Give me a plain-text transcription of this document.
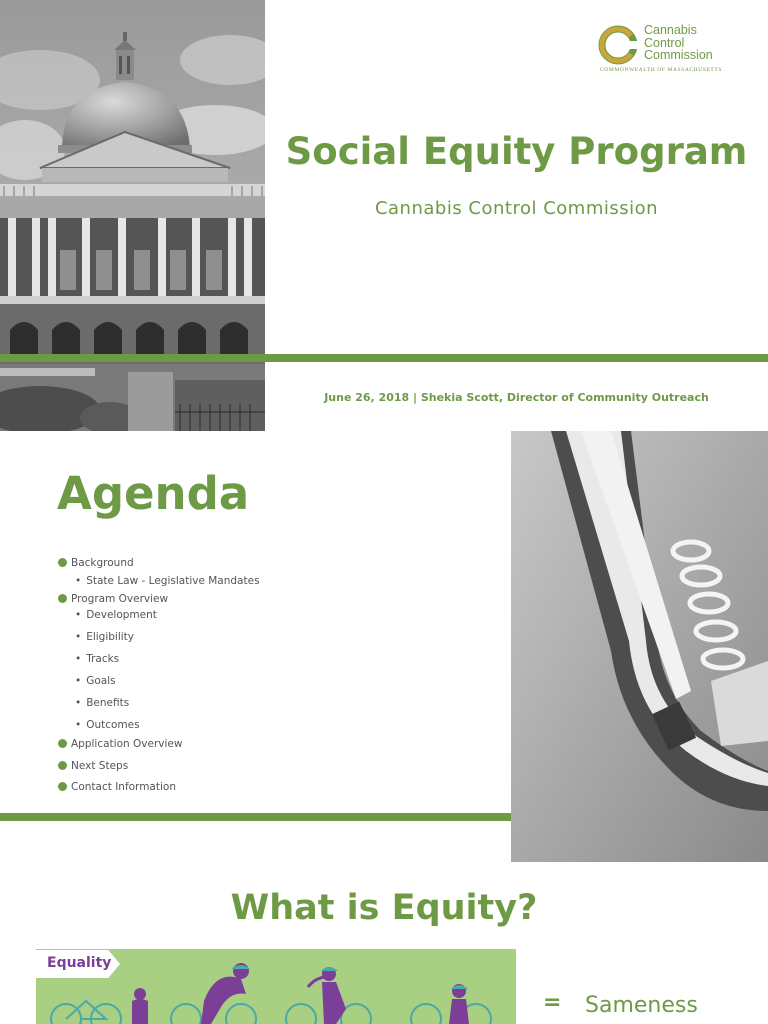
Cannabis
Control
Commission
COMMONWEALTH OF MASSACHUSETTS
Social Equity Program
Cannabis Control Commission
June 26, 2018 | Shekia Scott, Director of Community Outreach
Agenda
Background
• State Law - Legislative Mandates
Program Overview
• Development
• Eligibility
• Tracks
• Goals
• Benefits
• Outcomes
Application Overview
Next Steps
Contact Information
What is Equity?
Equality
= Sameness
